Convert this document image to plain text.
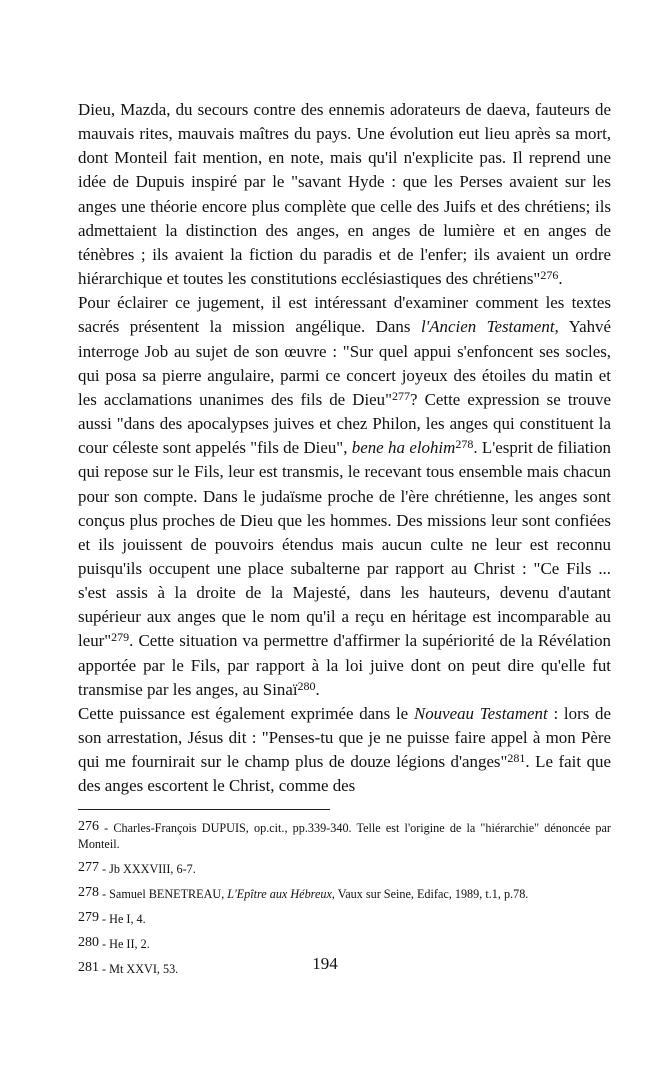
Dieu, Mazda, du secours contre des ennemis adorateurs de daeva, fauteurs de mauvais rites, mauvais maîtres du pays. Une évolution eut lieu après sa mort, dont Monteil fait mention, en note, mais qu'il n'explicite pas. Il reprend une idée de Dupuis inspiré par le "savant Hyde : que les Perses avaient sur les anges une théorie encore plus complète que celle des Juifs et des chrétiens; ils admettaient la distinction des anges, en anges de lumière et en anges de ténèbres ; ils avaient la fiction du paradis et de l'enfer; ils avaient un ordre hiérarchique et toutes les constitutions ecclésiastiques des chrétiens"$^{276}$.
Pour éclairer ce jugement, il est intéressant d'examiner comment les textes sacrés présentent la mission angélique. Dans l'Ancien Testament, Yahvé interroge Job au sujet de son œuvre : "Sur quel appui s'enfoncent ses socles, qui posa sa pierre angulaire, parmi ce concert joyeux des étoiles du matin et les acclamations unanimes des fils de Dieu"$^{277}$? Cette expression se trouve aussi "dans des apocalypses juives et chez Philon, les anges qui constituent la cour céleste sont appelés "fils de Dieu", bene ha elohim$^{278}$. L'esprit de filiation qui repose sur le Fils, leur est transmis, le recevant tous ensemble mais chacun pour son compte. Dans le judaïsme proche de l'ère chrétienne, les anges sont conçus plus proches de Dieu que les hommes. Des missions leur sont confiées et ils jouissent de pouvoirs étendus mais aucun culte ne leur est reconnu puisqu'ils occupent une place subalterne par rapport au Christ : "Ce Fils ... s'est assis à la droite de la Majesté, dans les hauteurs, devenu d'autant supérieur aux anges que le nom qu'il a reçu en héritage est incomparable au leur"$^{279}$. Cette situation va permettre d'affirmer la supériorité de la Révélation apportée par le Fils, par rapport à la loi juive dont on peut dire qu'elle fut transmise par les anges, au Sinaï$^{280}$.
Cette puissance est également exprimée dans le Nouveau Testament : lors de son arrestation, Jésus dit : "Penses-tu que je ne puisse faire appel à mon Père qui me fournirait sur le champ plus de douze légions d'anges"$^{281}$. Le fait que des anges escortent le Christ, comme des
276 - Charles-François DUPUIS, op.cit., pp.339-340. Telle est l'origine de la "hiérarchie" dénoncée par Monteil.
277 - Jb XXXVIII, 6-7.
278 - Samuel BENETREAU, L'Epître aux Hébreux, Vaux sur Seine, Edifac, 1989, t.1, p.78.
279 - He I, 4.
280 - He II, 2.
281 - Mt XXVI, 53.	194
